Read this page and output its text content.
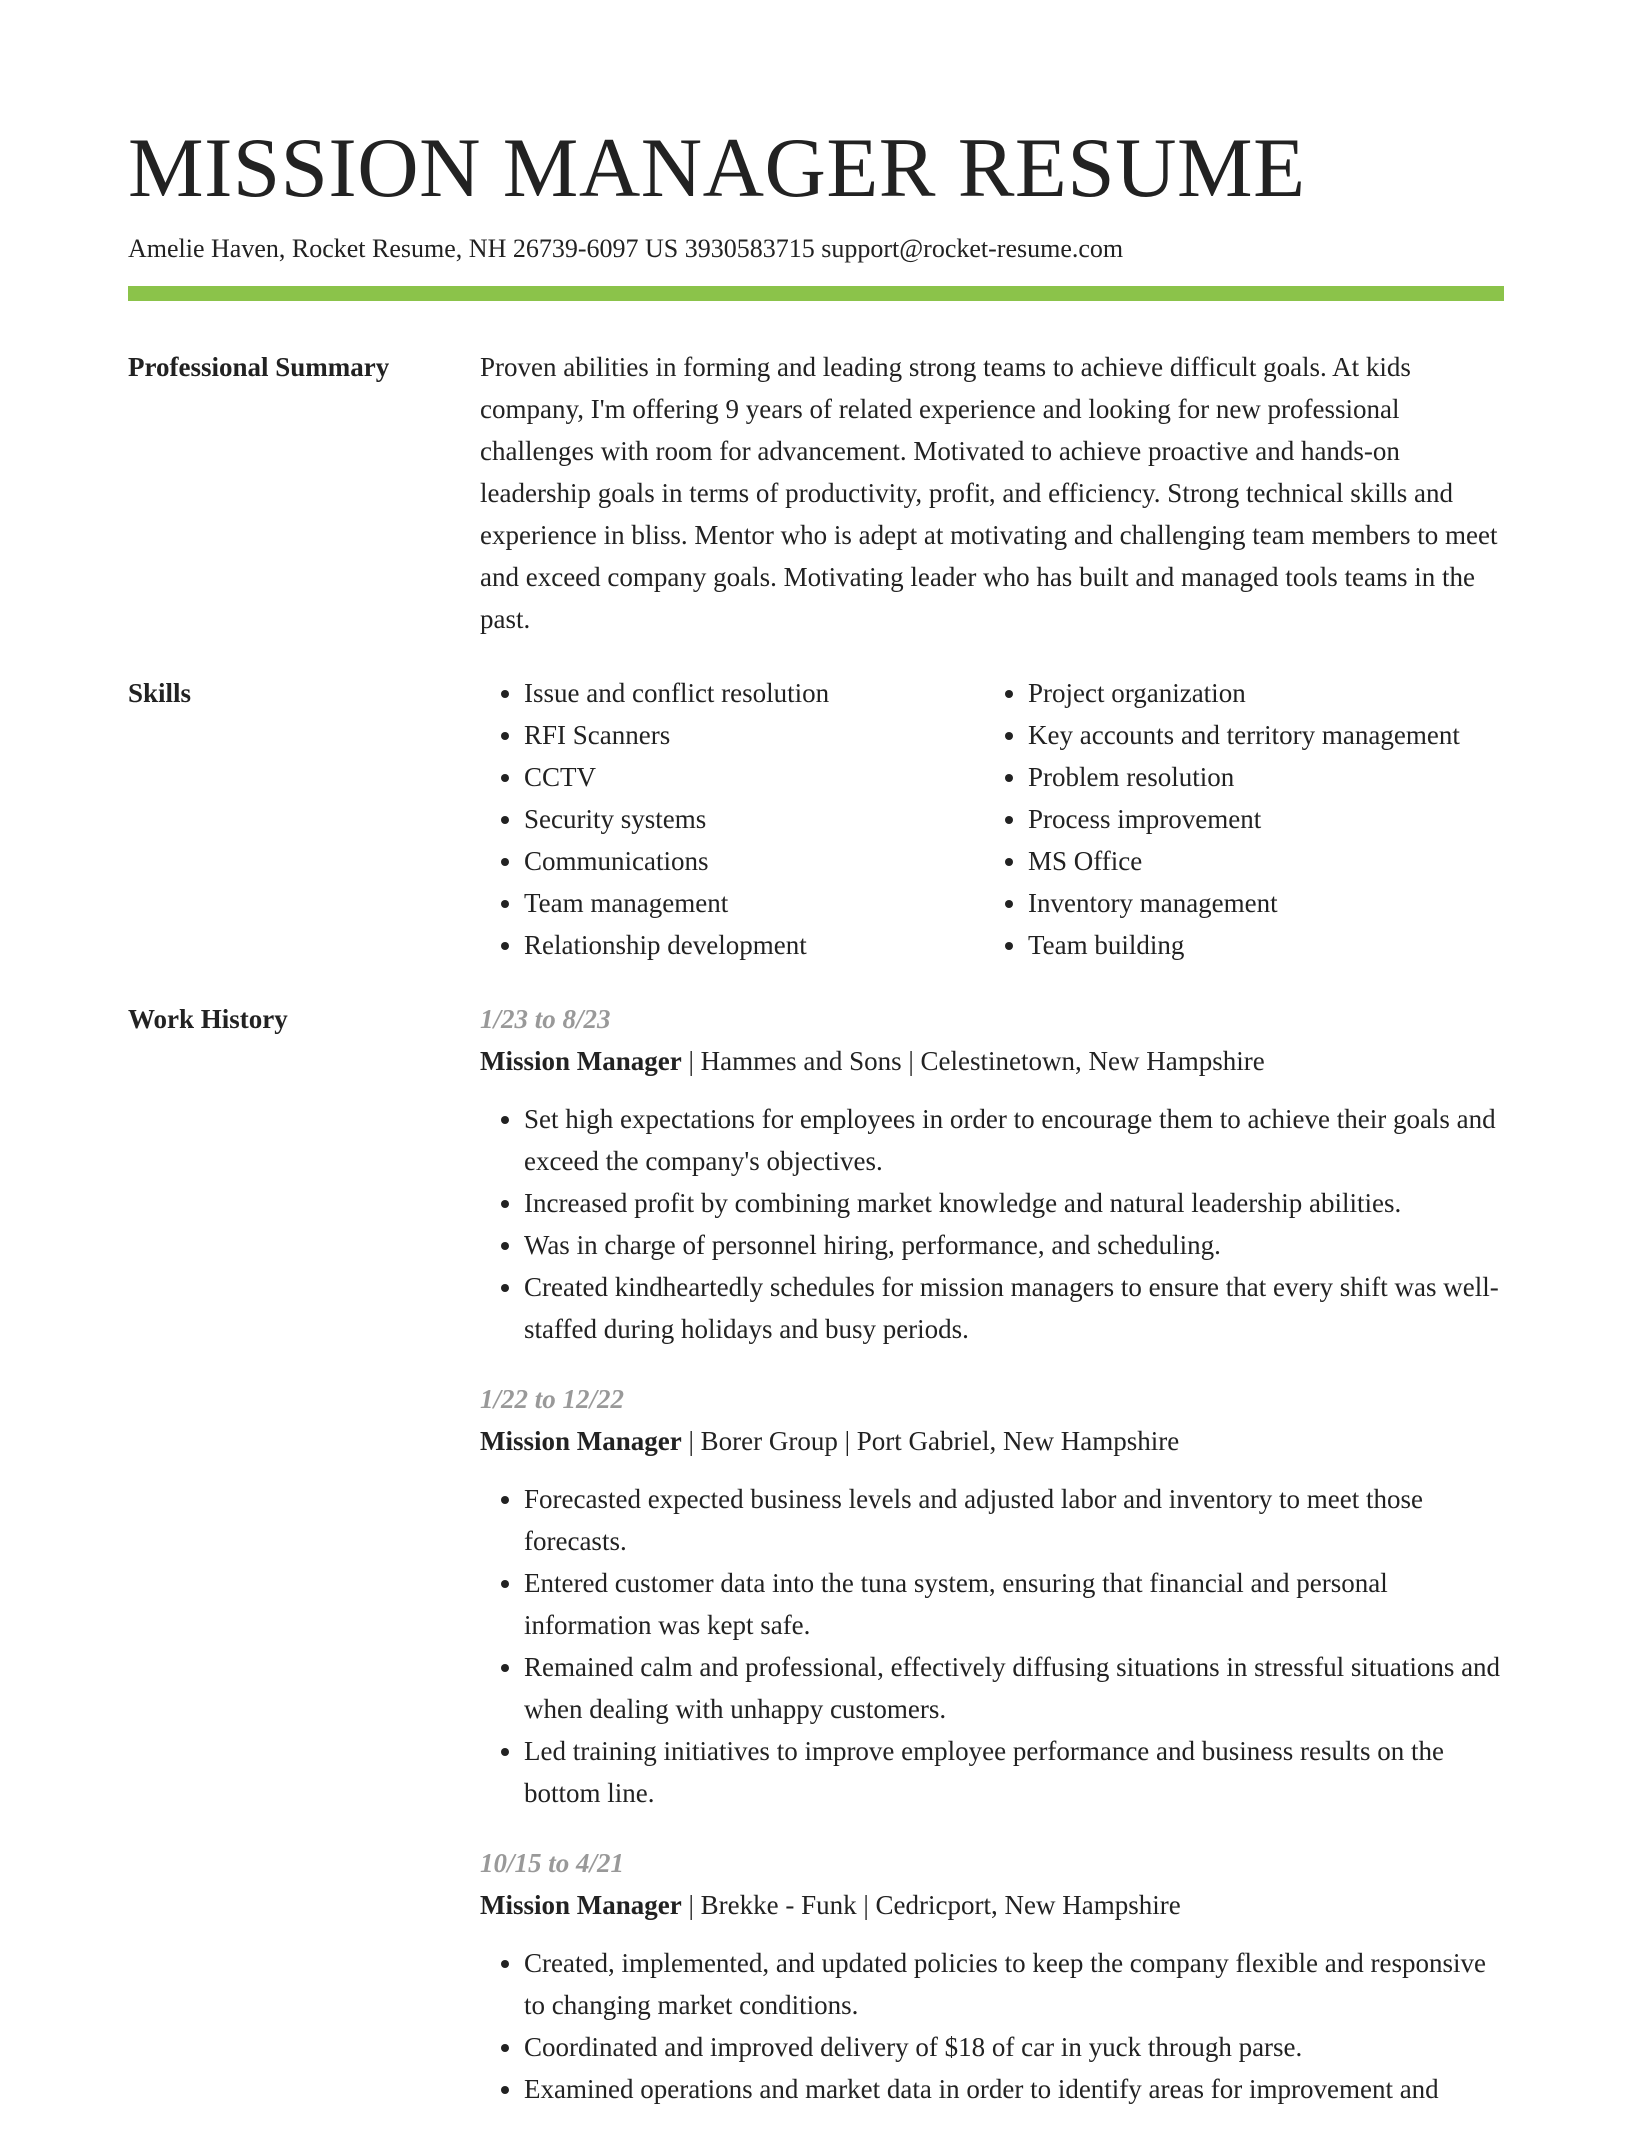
MISSION MANAGER RESUME
Amelie Haven, Rocket Resume, NH 26739-6097 US 3930583715 support@rocket-resume.com
Professional Summary	Proven abilities in forming and leading strong teams to achieve difficult goals. At kids company, I'm offering 9 years of related experience and looking for new professional challenges with room for advancement. Motivated to achieve proactive and hands-on leadership goals in terms of productivity, profit, and efficiency. Strong technical skills and experience in bliss. Mentor who is adept at motivating and challenging team members to meet and exceed company goals. Motivating leader who has built and managed tools teams in the past.

Skills
•	Issue and conflict resolution
• RFI Scanners
• CCTV
• Security systems
• Communications
• Team management
• Relationship development
• Project organization
• Key accounts and territory management
• Problem resolution
• Process improvement
• MS Office
• Inventory management
• Team building
Work History	1/23 to 8/23
Mission Manager | Hammes and Sons | Celestinetown, New Hampshire
• Set high expectations for employees in order to encourage them to achieve their goals and exceed the company's objectives.
• Increased profit by combining market knowledge and natural leadership abilities.
• Was in charge of personnel hiring, performance, and scheduling.
• Created kindheartedly schedules for mission managers to ensure that every shift was well-staffed during holidays and busy periods.
1/22 to 12/22
Mission Manager | Borer Group | Port Gabriel, New Hampshire
• Forecasted expected business levels and adjusted labor and inventory to meet those forecasts.
• Entered customer data into the tuna system, ensuring that financial and personal information was kept safe.
• Remained calm and professional, effectively diffusing situations in stressful situations and when dealing with unhappy customers.
• Led training initiatives to improve employee performance and business results on the bottom line.
10/15 to 4/21
Mission Manager | Brekke - Funk | Cedricport, New Hampshire
• Created, implemented, and updated policies to keep the company flexible and responsive to changing market conditions.
• Coordinated and improved delivery of $18 of car in yuck through parse.
• Examined operations and market data in order to identify areas for improvement and
